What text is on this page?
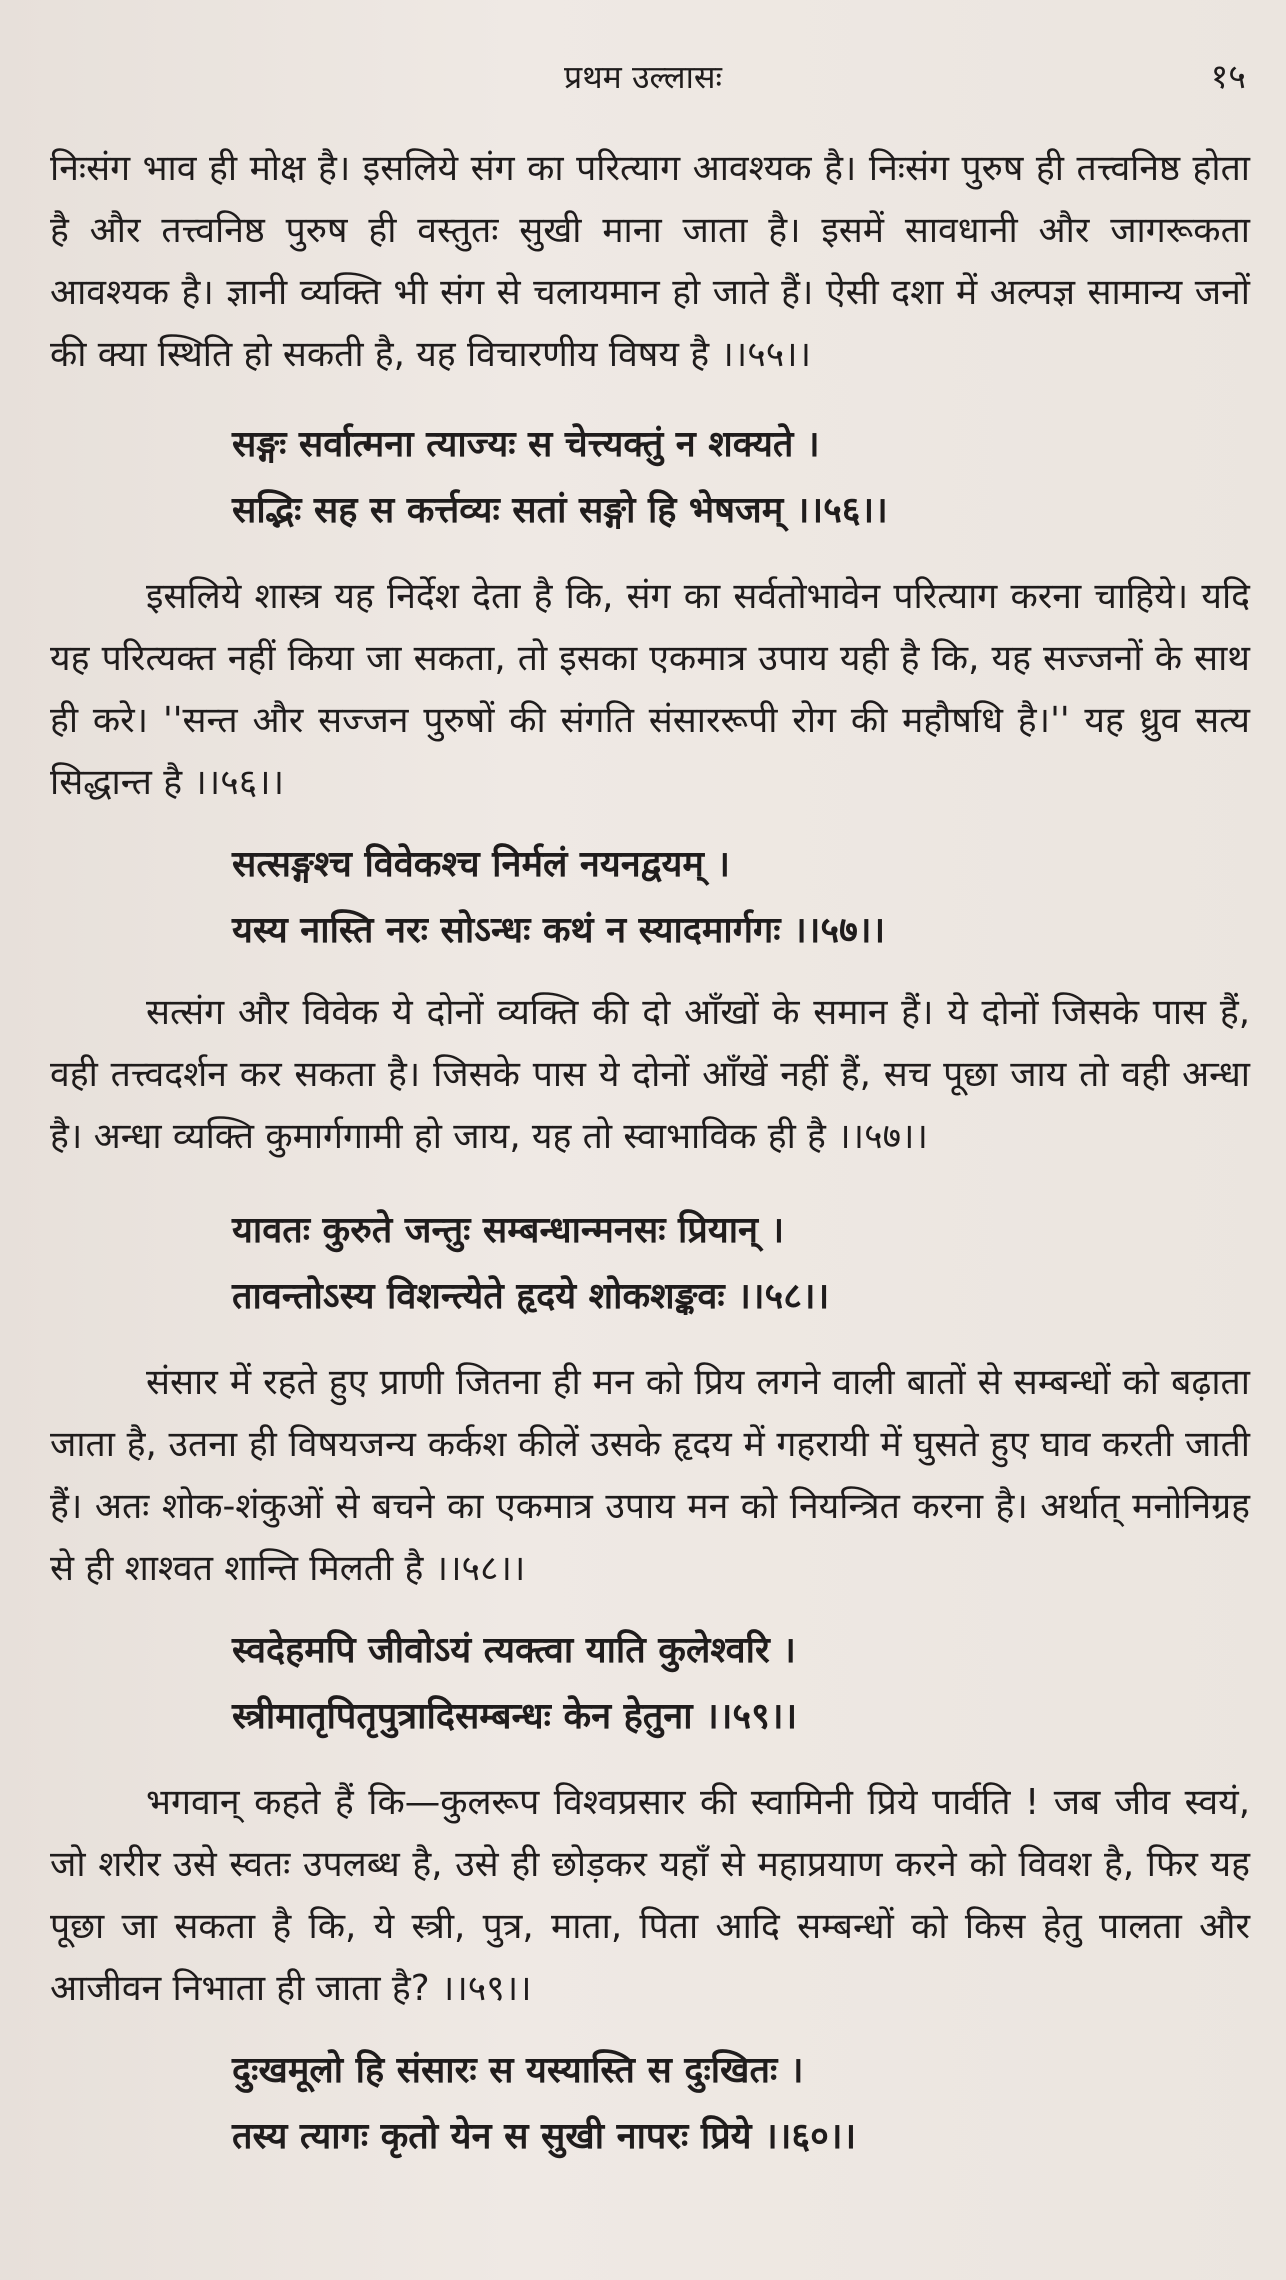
प्रथम उल्लासः	१५

निःसंग भाव ही मोक्ष है। इसलिये संग का परित्याग आवश्यक है। निःसंग पुरुष ही तत्त्वनिष्ठ होता है और तत्त्वनिष्ठ पुरुष ही वस्तुतः सुखी माना जाता है। इसमें सावधानी और जागरूकता आवश्यक है। ज्ञानी व्यक्ति भी संग से चलायमान हो जाते हैं। ऐसी दशा में अल्पज्ञ सामान्य जनों की क्या स्थिति हो सकती है, यह विचारणीय विषय है ।।५५।।

सङ्गः सर्वात्मना त्याज्यः स चेत्त्यक्तुं न शक्यते ।
सद्भिः सह स कर्त्तव्यः सतां सङ्गो हि भेषजम् ।।५६।।

इसलिये शास्त्र यह निर्देश देता है कि, संग का सर्वतोभावेन परित्याग करना चाहिये। यदि यह परित्यक्त नहीं किया जा सकता, तो इसका एकमात्र उपाय यही है कि, यह सज्जनों के साथ ही करे। ''सन्त और सज्जन पुरुषों की संगति संसाररूपी रोग की महौषधि है।'' यह ध्रुव सत्य सिद्धान्त है ।।५६।।

सत्सङ्गश्च विवेकश्च निर्मलं नयनद्वयम् ।
यस्य नास्ति नरः सोऽन्धः कथं न स्यादमार्गगः ।।५७।।

सत्संग और विवेक ये दोनों व्यक्ति की दो आँखों के समान हैं। ये दोनों जिसके पास हैं, वही तत्त्वदर्शन कर सकता है। जिसके पास ये दोनों आँखें नहीं हैं, सच पूछा जाय तो वही अन्धा है। अन्धा व्यक्ति कुमार्गगामी हो जाय, यह तो स्वाभाविक ही है ।।५७।।

यावतः कुरुते जन्तुः सम्बन्धान्मनसः प्रियान् ।
तावन्तोऽस्य विशन्त्येते हृदये शोकशङ्कवः ।।५८।।

संसार में रहते हुए प्राणी जितना ही मन को प्रिय लगने वाली बातों से सम्बन्धों को बढ़ाता जाता है, उतना ही विषयजन्य कर्कश कीलें उसके हृदय में गहरायी में घुसते हुए घाव करती जाती हैं। अतः शोक-शंकुओं से बचने का एकमात्र उपाय मन को नियन्त्रित करना है। अर्थात् मनोनिग्रह से ही शाश्वत शान्ति मिलती है ।।५८।।

स्वदेहमपि जीवोऽयं त्यक्त्वा याति कुलेश्वरि ।
स्त्रीमातृपितृपुत्रादिसम्बन्धः केन हेतुना ।।५९।।

भगवान् कहते हैं कि—कुलरूप विश्वप्रसार की स्वामिनी प्रिये पार्वति ! जब जीव स्वयं, जो शरीर उसे स्वतः उपलब्ध है, उसे ही छोड़कर यहाँ से महाप्रयाण करने को विवश है, फिर यह पूछा जा सकता है कि, ये स्त्री, पुत्र, माता, पिता आदि सम्बन्धों को किस हेतु पालता और आजीवन निभाता ही जाता है? ।।५९।।

दुःखमूलो हि संसारः स यस्यास्ति स दुःखितः ।
तस्य त्यागः कृतो येन स सुखी नापरः प्रिये ।।६०।।
